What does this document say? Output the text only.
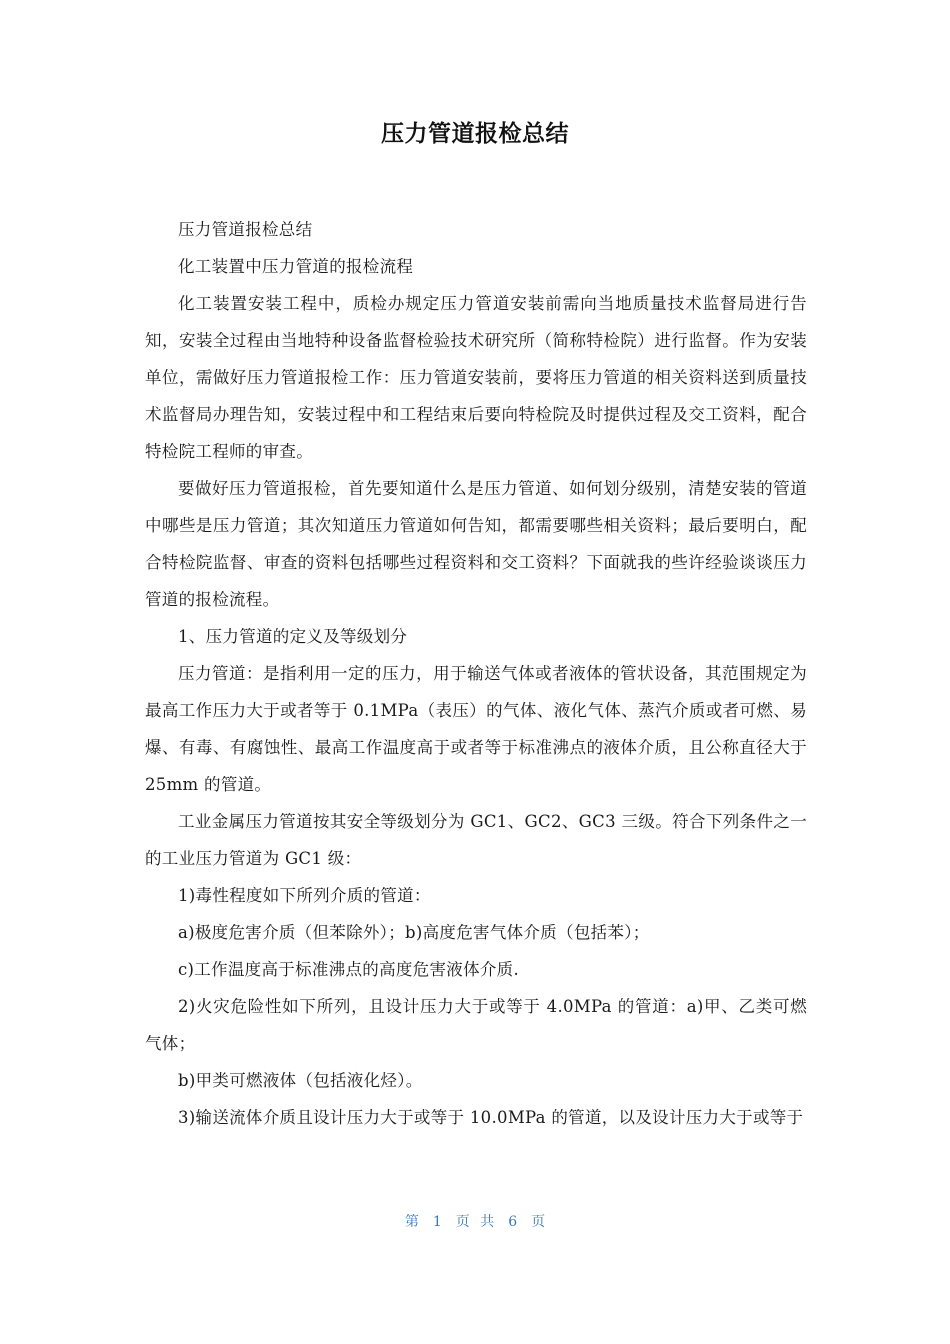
压力管道报检总结

压力管道报检总结

化工装置中压力管道的报检流程

化工装置安装工程中，质检办规定压力管道安装前需向当地质量技术监督局进行告知，安装全过程由当地特种设备监督检验技术研究所（简称特检院）进行监督。作为安装单位，需做好压力管道报检工作：压力管道安装前，要将压力管道的相关资料送到质量技术监督局办理告知，安装过程中和工程结束后要向特检院及时提供过程及交工资料，配合特检院工程师的审查。

要做好压力管道报检，首先要知道什么是压力管道、如何划分级别，清楚安装的管道中哪些是压力管道；其次知道压力管道如何告知，都需要哪些相关资料；最后要明白，配合特检院监督、审查的资料包括哪些过程资料和交工资料？下面就我的些许经验谈谈压力管道的报检流程。

1、压力管道的定义及等级划分

压力管道：是指利用一定的压力，用于输送气体或者液体的管状设备，其范围规定为最高工作压力大于或者等于 0.1MPa（表压）的气体、液化气体、蒸汽介质或者可燃、易爆、有毒、有腐蚀性、最高工作温度高于或者等于标准沸点的液体介质，且公称直径大于 25mm 的管道。

工业金属压力管道按其安全等级划分为 GC1、GC2、GC3 三级。符合下列条件之一的工业压力管道为 GC1 级：

1)毒性程度如下所列介质的管道：

a)极度危害介质（但苯除外）；b)高度危害气体介质（包括苯）；

c)工作温度高于标准沸点的高度危害液体介质.

2)火灾危险性如下所列，且设计压力大于或等于 4.0MPa 的管道：a)甲、乙类可燃气体；

b)甲类可燃液体（包括液化烃）。

3)输送流体介质且设计压力大于或等于 10.0MPa 的管道，以及设计压力大于或等于

第 1 页 共 6 页
